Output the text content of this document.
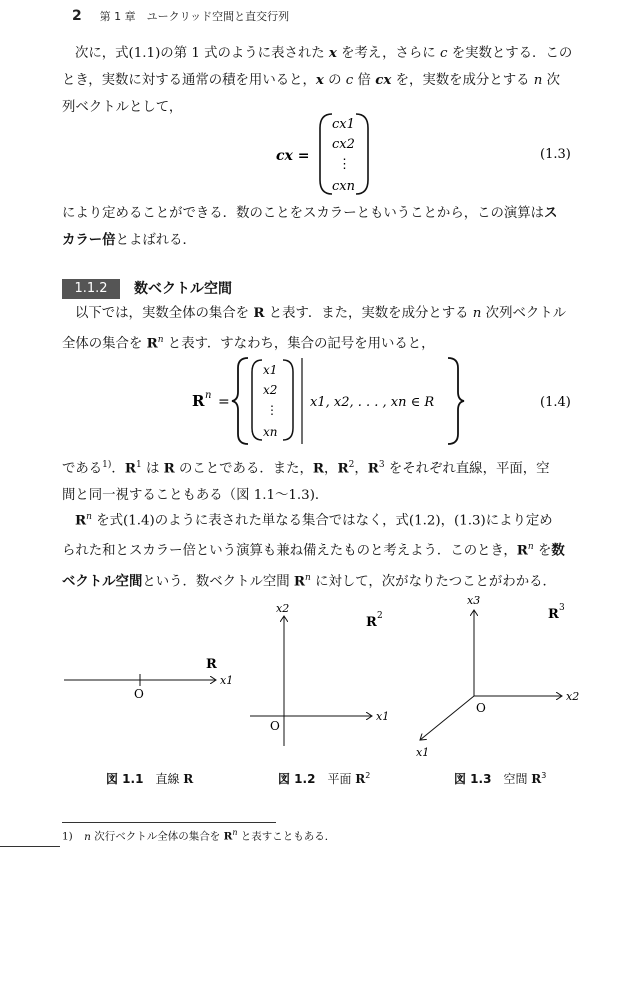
2 第 1 章　ユークリッド空間と直交行列
次に，式(1.1)の第 1 式のように表された x を考え，さらに c を実数とする．この
とき，実数に対する通常の積を用いると，x の c 倍 cx を，実数を成分とする n 次
列ベクトルとして，
cx =
cx1
cx2
⋮
cxn
(1.3)
により定めることができる．数のことをスカラーともいうことから，この演算はス
カラー倍とよばれる．
1.1.2	数ベクトル空間
以下では，実数全体の集合を R と表す．また，実数を成分とする n 次列ベクトル
全体の集合を $R^n$ と表す．すなわち，集合の記号を用いると，
R n =
x1
x2
⋮
xn
x1, x2, . . . , xn ∈ R	(1.4)
である$^{1)}$．$R^1$ は R のことである．また，R，$R^2$，$R^3$ をそれぞれ直線，平面，空
間と同一視することもある（図 1.1～1.3)．
$R^n$ を式(1.4)のように表された単なる集合ではなく，式(1.2)，(1.3)により定め
られた和とスカラー倍という演算も兼ね備えたものと考えよう．このとき，$R^n$ を数
ベクトル空間という．数ベクトル空間 $R^n$ に対して，次がなりたつことがわかる．
O
R
x1
x2
x1
O
R 2
x3
x2
x1
O
R 3
図 1.1 直線 R	図 1.2 平面 $R^2$	図 1.3 空間 $R^3$
1) n 次行ベクトル全体の集合を $R^n$ と表すこともある．
